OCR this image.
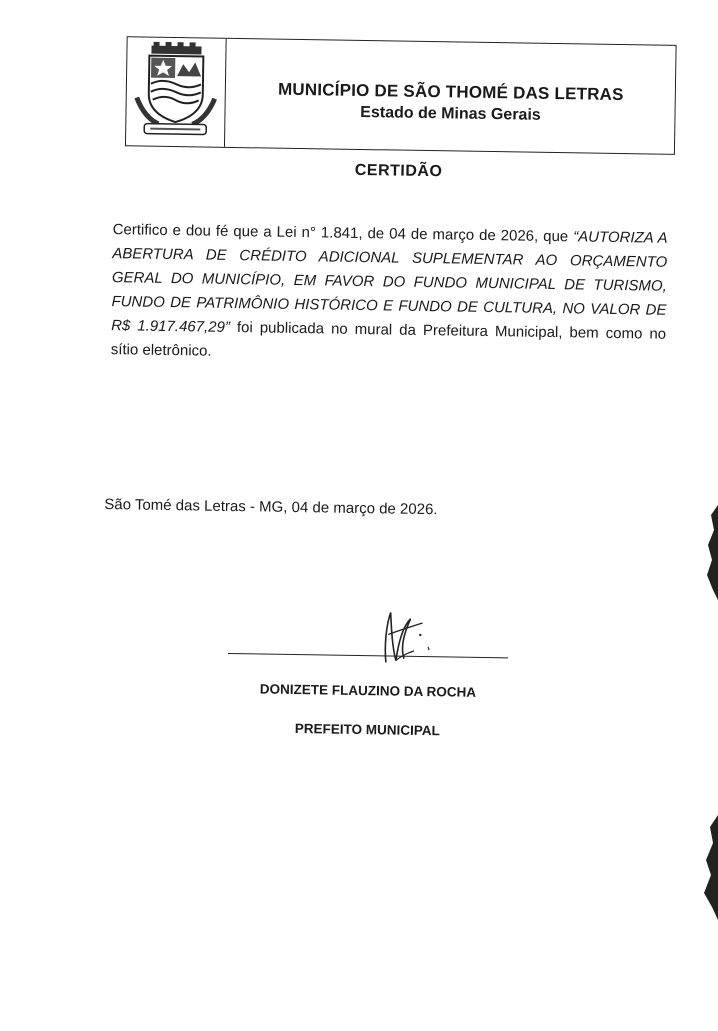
MUNICÍPIO DE SÃO THOMÉ DAS LETRAS
Estado de Minas Gerais
CERTIDÃO
Certifico e dou fé que a Lei n° 1.841, de 04 de março de 2026, que “AUTORIZA A ABERTURA DE CRÉDITO ADICIONAL SUPLEMENTAR AO ORÇAMENTO GERAL DO MUNICÍPIO, EM FAVOR DO FUNDO MUNICIPAL DE TURISMO, FUNDO DE PATRIMÔNIO HISTÓRICO E FUNDO DE CULTURA, NO VALOR DE R$ 1.917.467,29” foi publicada no mural da Prefeitura Municipal, bem como no sítio eletrônico.
São Tomé das Letras - MG, 04 de março de 2026.
DONIZETE FLAUZINO DA ROCHA
PREFEITO MUNICIPAL
